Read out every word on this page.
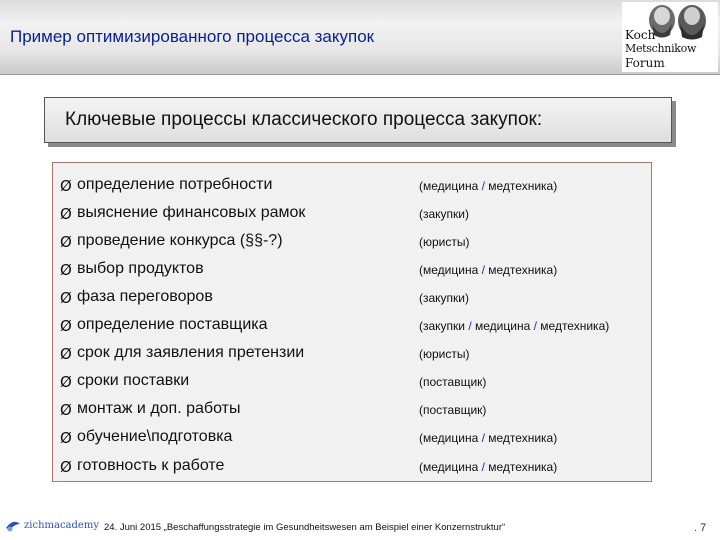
Пример оптимизированного процесса закупок	Koch
Metschnikow
Forum
Ключевые процессы классического процесса закупок:
Ø определение потребности	(медицина / медтехника)
Ø выяснение финансовых рамок	(закупки)
Ø проведение конкурса (§§-?)	(юристы)
Ø выбор продуктов	(медицина / медтехника)
Ø фаза переговоров	(закупки)
Ø определение поставщика	(закупки / медицина / медтехника)
Ø срок для заявления претензии	(юристы)
Ø сроки поставки	(поставщик)
Ø монтаж и доп. работы	(поставщик)
Ø обучение\подготовка	(медицина / медтехника)
Ø готовность к работе	(медицина / медтехника)
zichmacademy 24. Juni 2015 „Beschaffungsstrategie im Gesundheitswesen am Beispiel einer Konzernstruktur“	. 7
